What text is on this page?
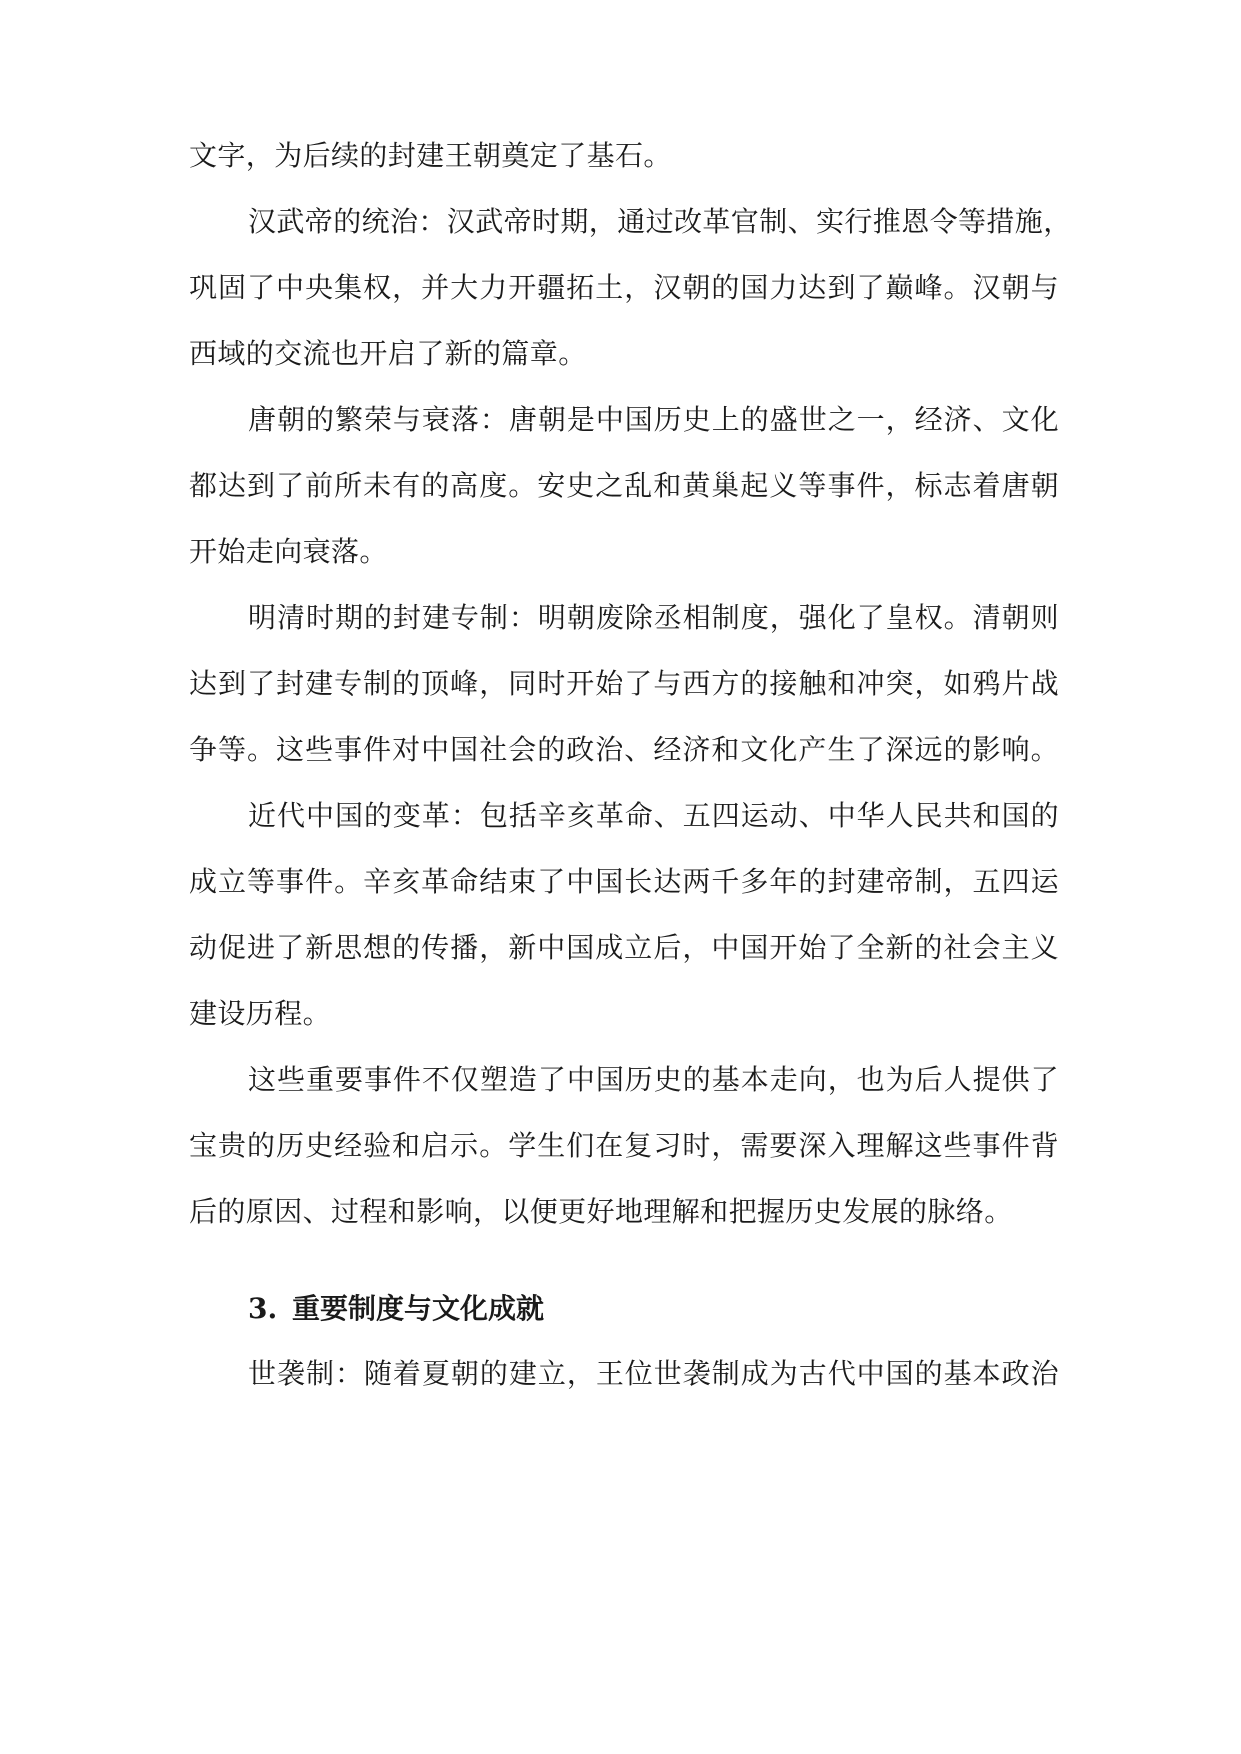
文字，为后续的封建王朝奠定了基石。
汉武帝的统治：汉武帝时期，通过改革官制、实行推恩令等措施，
巩固了中央集权，并大力开疆拓土，汉朝的国力达到了巅峰。汉朝与
西域的交流也开启了新的篇章。
唐朝的繁荣与衰落：唐朝是中国历史上的盛世之一，经济、文化
都达到了前所未有的高度。安史之乱和黄巢起义等事件，标志着唐朝
开始走向衰落。
明清时期的封建专制：明朝废除丞相制度，强化了皇权。清朝则
达到了封建专制的顶峰，同时开始了与西方的接触和冲突，如鸦片战
争等。这些事件对中国社会的政治、经济和文化产生了深远的影响。
近代中国的变革：包括辛亥革命、五四运动、中华人民共和国的
成立等事件。辛亥革命结束了中国长达两千多年的封建帝制，五四运
动促进了新思想的传播，新中国成立后，中国开始了全新的社会主义
建设历程。
这些重要事件不仅塑造了中国历史的基本走向，也为后人提供了
宝贵的历史经验和启示。学生们在复习时，需要深入理解这些事件背
后的原因、过程和影响，以便更好地理解和把握历史发展的脉络。
3. 重要制度与文化成就
世袭制：随着夏朝的建立，王位世袭制成为古代中国的基本政治
